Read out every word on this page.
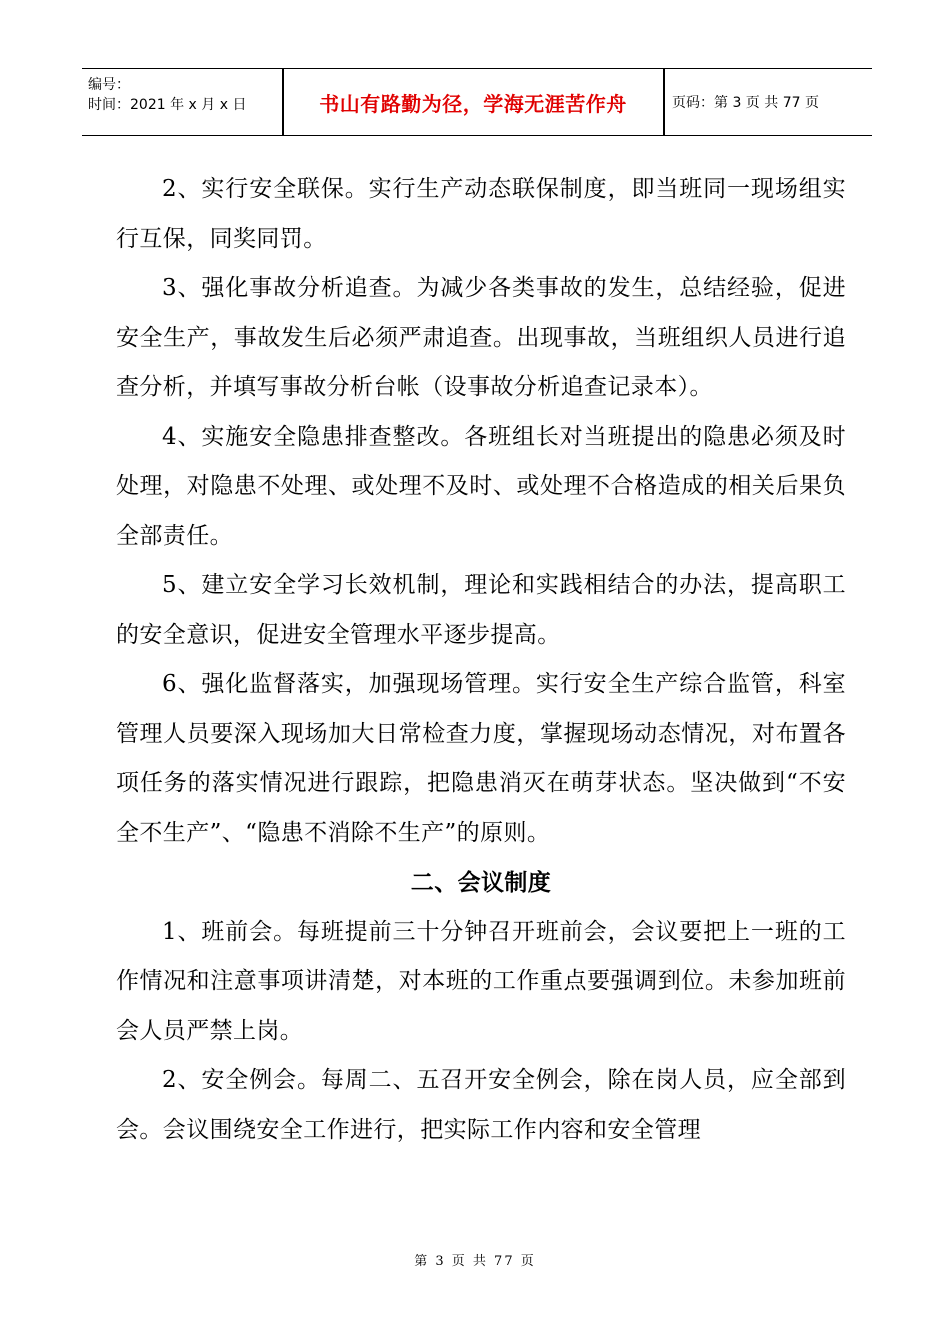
编号：
时间：2021 年 x 月 x 日	书山有路勤为径，学海无涯苦作舟	页码：第 3 页 共 77 页

2、实行安全联保。实行生产动态联保制度，即当班同一现场组实行互保，同奖同罚。

3、强化事故分析追查。为减少各类事故的发生，总结经验，促进安全生产，事故发生后必须严肃追查。出现事故，当班组织人员进行追查分析，并填写事故分析台帐（设事故分析追查记录本）。

4、实施安全隐患排查整改。各班组长对当班提出的隐患必须及时处理，对隐患不处理、或处理不及时、或处理不合格造成的相关后果负全部责任。

5、建立安全学习长效机制，理论和实践相结合的办法，提高职工的安全意识，促进安全管理水平逐步提高。

6、强化监督落实，加强现场管理。实行安全生产综合监管，科室管理人员要深入现场加大日常检查力度，掌握现场动态情况，对布置各项任务的落实情况进行跟踪，把隐患消灭在萌芽状态。坚决做到“不安全不生产”、“隐患不消除不生产”的原则。

二、会议制度

1、班前会。每班提前三十分钟召开班前会，会议要把上一班的工作情况和注意事项讲清楚，对本班的工作重点要强调到位。未参加班前会人员严禁上岗。

2、安全例会。每周二、五召开安全例会，除在岗人员，应全部到会。会议围绕安全工作进行，把实际工作内容和安全管理

第 3 页 共 77 页
